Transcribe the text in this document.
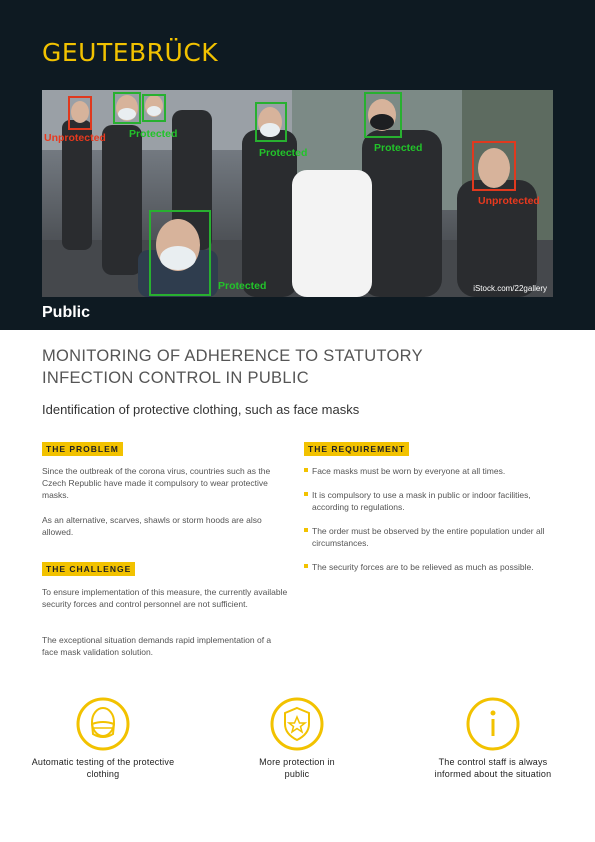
GEUTEBRÜCK
Unprotected Protected
Protected	Protected
Unprotected
Protected	iStock.com/22gallery
Public
MONITORING OF ADHERENCE TO STATUTORY INFECTION CONTROL IN PUBLIC
Identification of protective clothing, such as face masks
THE PROBLEM

Since the outbreak of the corona virus, countries such as the Czech Republic have made it compulsory to wear protective masks.

As an alternative, scarves, shawls or storm hoods are also allowed.

THE CHALLENGE

To ensure implementation of this measure, the currently available security forces and control personnel are not sufficient.

The exceptional situation demands rapid implementation of a face mask validation solution.

THE REQUIREMENT
Face masks must be worn by everyone at all times.
It is compulsory to use a mask in public or indoor facilities, according to regulations.
The order must be observed by the entire population under all circumstances.
The security forces are to be relieved as much as possible.
Automatic testing of the protective clothing
More protection in public
The control staff is always informed about the situation
